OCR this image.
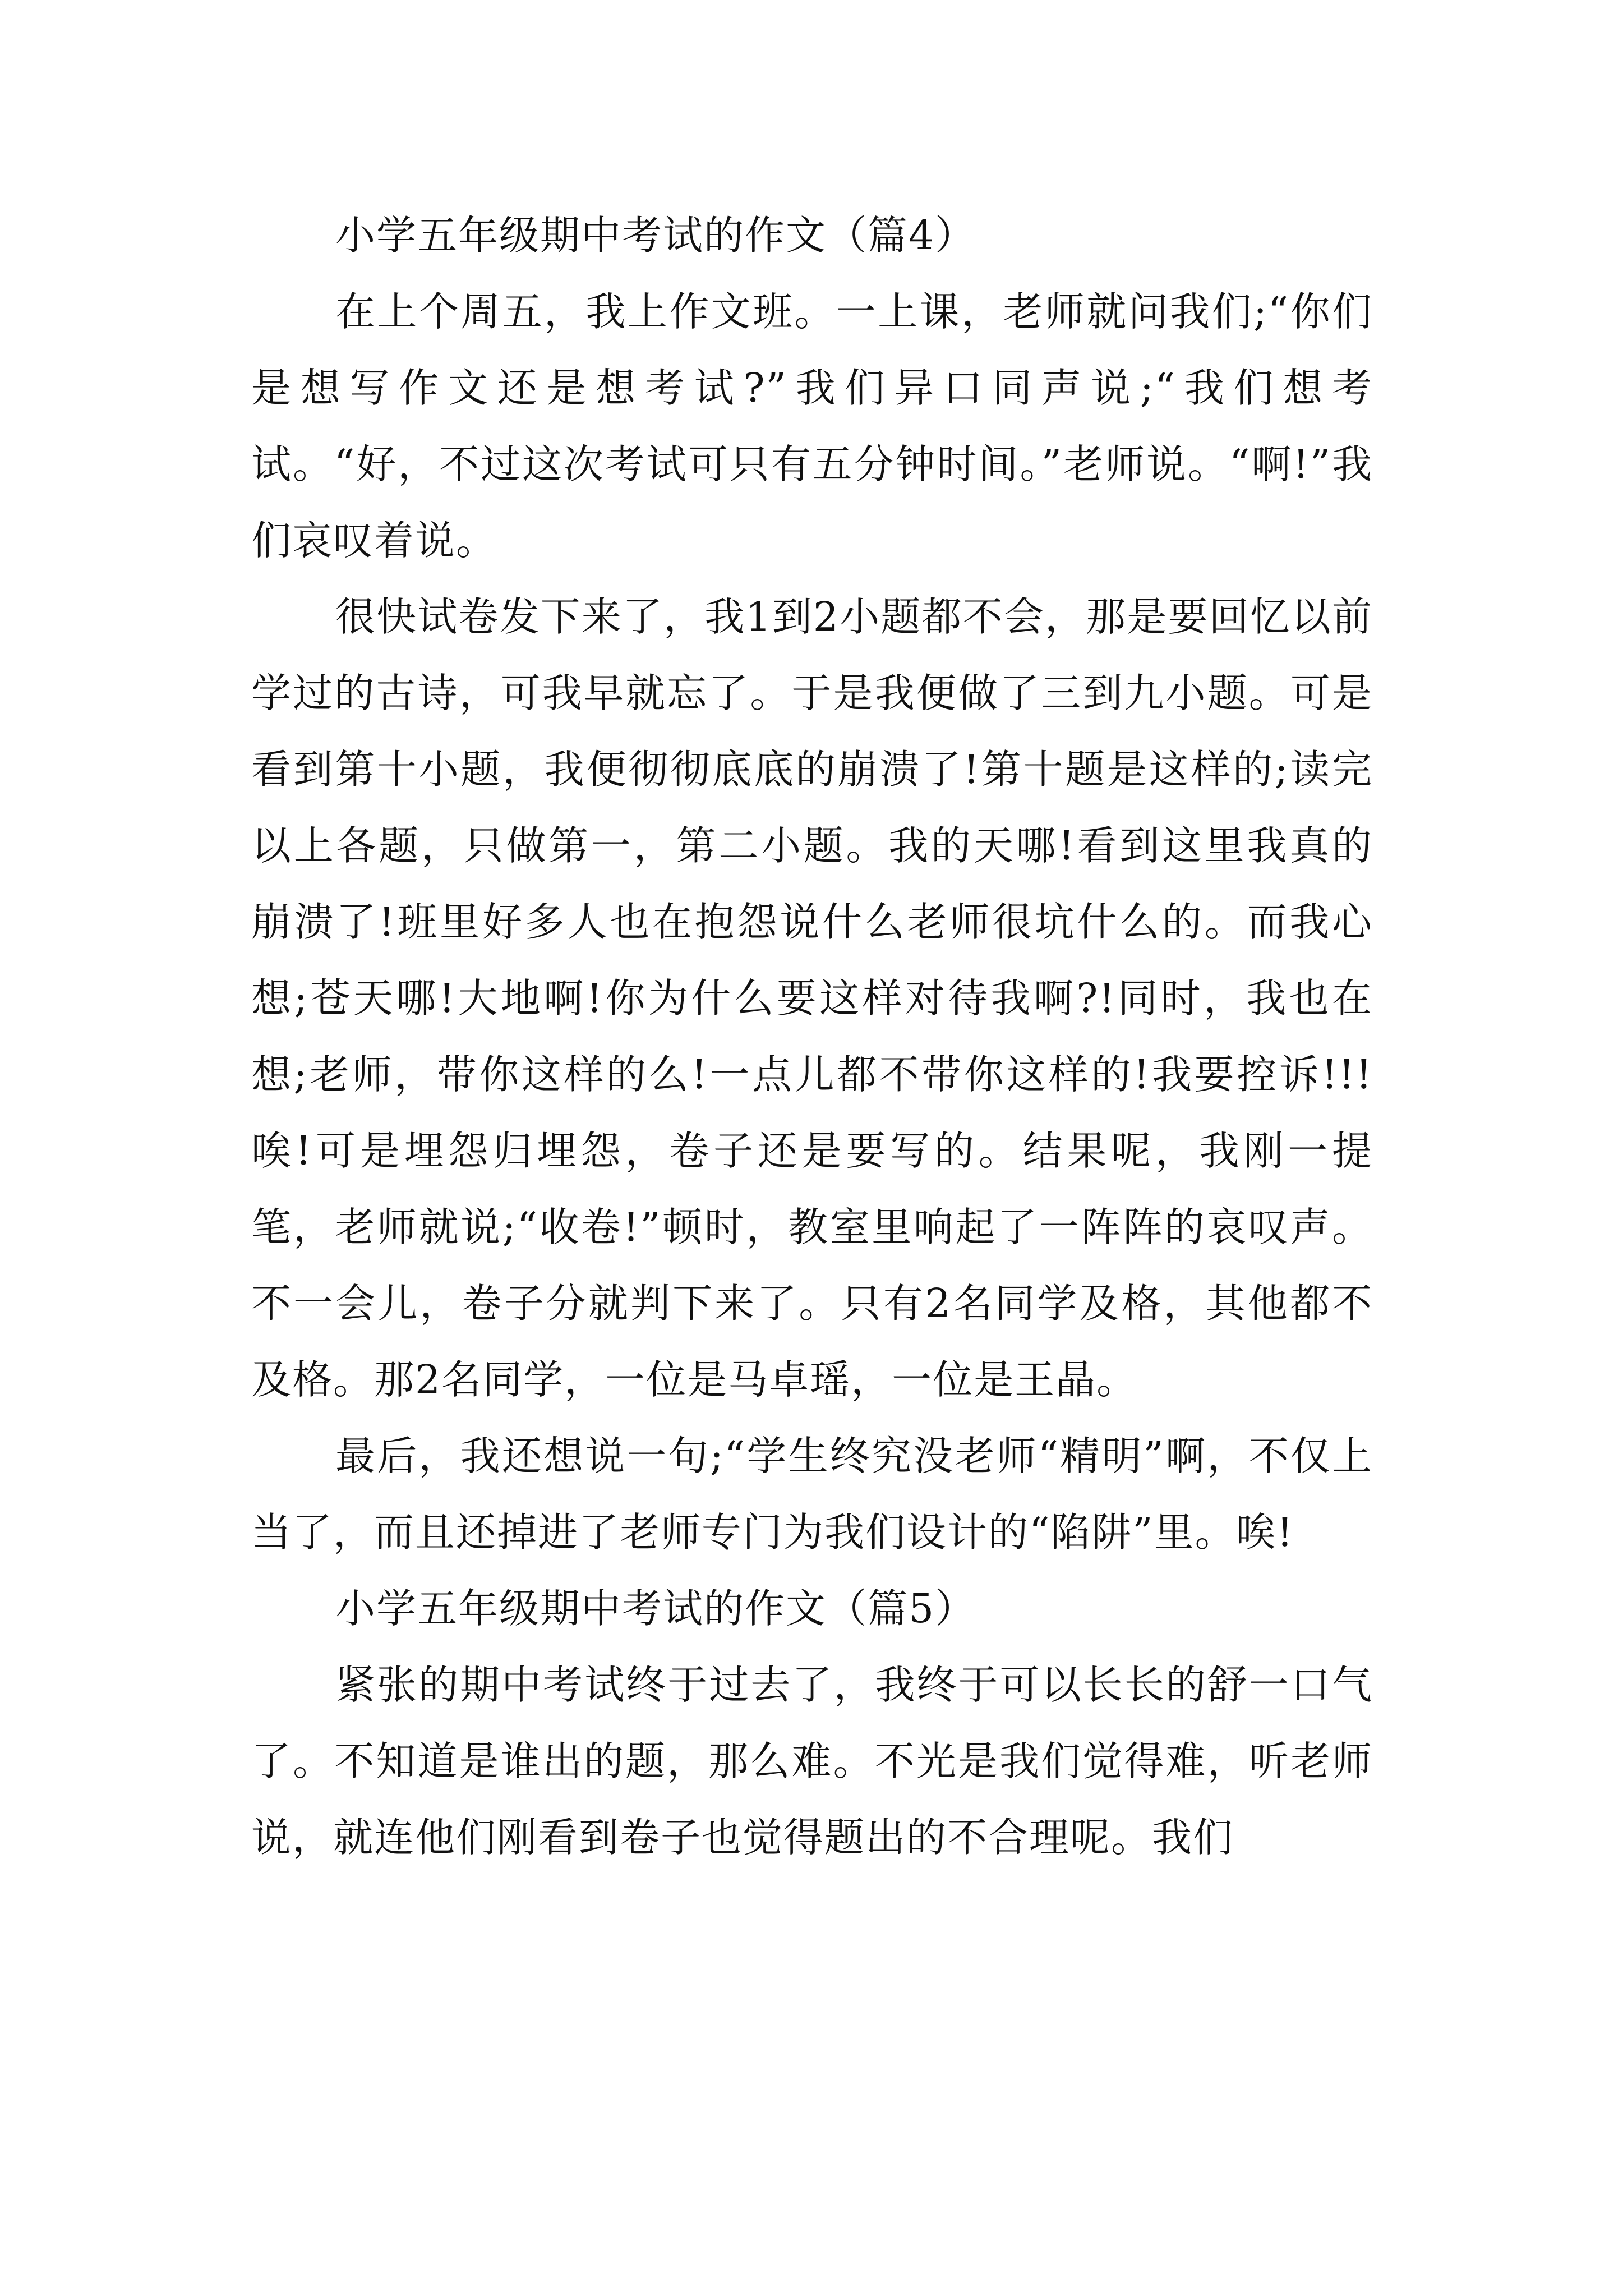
小学五年级期中考试的作文（篇4）

在上个周五，我上作文班。一上课，老师就问我们;“你们是想写作文还是想考试?”我们异口同声说;“我们想考试。“好，不过这次考试可只有五分钟时间。”老师说。“啊!”我们哀叹着说。

很快试卷发下来了，我1到2小题都不会，那是要回忆以前学过的古诗，可我早就忘了。于是我便做了三到九小题。可是看到第十小题，我便彻彻底底的崩溃了!第十题是这样的;读完以上各题，只做第一，第二小题。我的天哪!看到这里我真的崩溃了!班里好多人也在抱怨说什么老师很坑什么的。而我心想;苍天哪!大地啊!你为什么要这样对待我啊?!同时，我也在想;老师，带你这样的么!一点儿都不带你这样的!我要控诉!!!唉!可是埋怨归埋怨，卷子还是要写的。结果呢，我刚一提笔，老师就说;“收卷!”顿时，教室里响起了一阵阵的哀叹声。不一会儿，卷子分就判下来了。只有2名同学及格，其他都不及格。那2名同学，一位是马卓瑶，一位是王晶。

最后，我还想说一句;“学生终究没老师“精明”啊，不仅上当了，而且还掉进了老师专门为我们设计的“陷阱”里。唉!

小学五年级期中考试的作文（篇5）

紧张的期中考试终于过去了，我终于可以长长的舒一口气了。不知道是谁出的题，那么难。不光是我们觉得难，听老师说，就连他们刚看到卷子也觉得题出的不合理呢。我们
